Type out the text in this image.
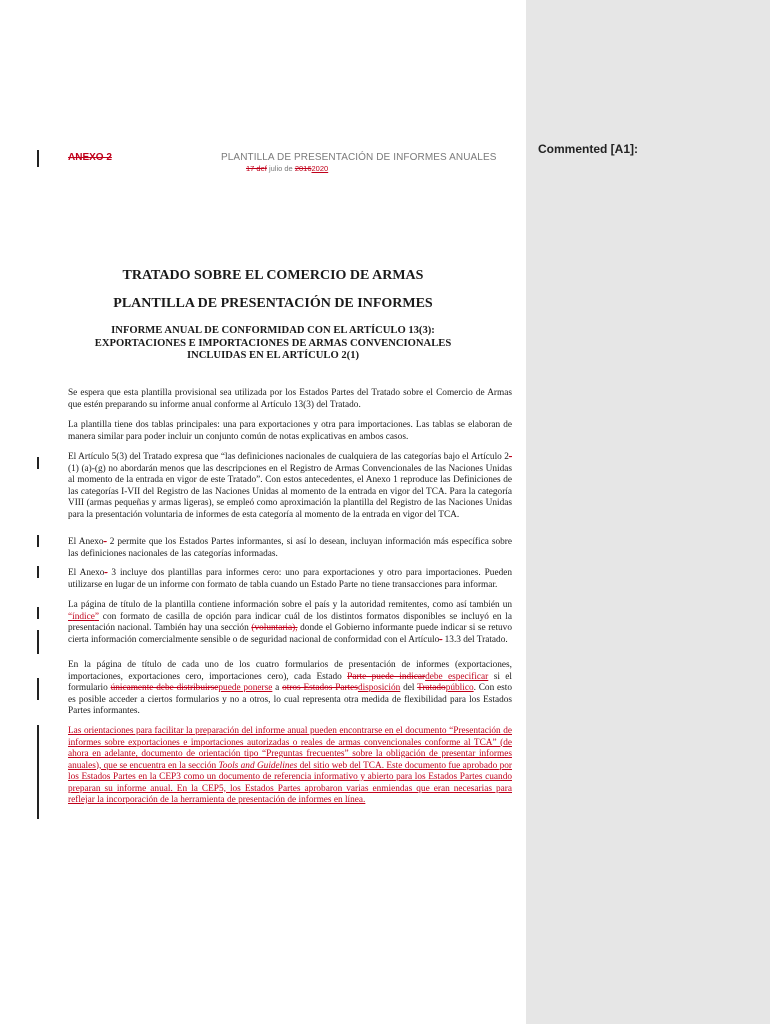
ANEXO 2	PLANTILLA DE PRESENTACIÓN DE INFORMES ANUALES
17 def julio de 20162020
TRATADO SOBRE EL COMERCIO DE ARMAS
PLANTILLA DE PRESENTACIÓN DE INFORMES
INFORME ANUAL DE CONFORMIDAD CON EL ARTÍCULO 13(3):
EXPORTACIONES E IMPORTACIONES DE ARMAS CONVENCIONALES
INCLUIDAS EN EL ARTÍCULO 2(1)

Se espera que esta plantilla provisional sea utilizada por los Estados Partes del Tratado sobre el Comercio de Armas que estén preparando su informe anual conforme al Artículo 13(3) del Tratado.

La plantilla tiene dos tablas principales: una para exportaciones y otra para importaciones. Las tablas se elaboran de manera similar para poder incluir un conjunto común de notas explicativas en ambos casos.

El Artículo 5(3) del Tratado expresa que “las definiciones nacionales de cualquiera de las categorías bajo el Artículo 2-(1) (a)-(g) no abordarán menos que las descripciones en el Registro de Armas Convencionales de las Naciones Unidas al momento de la entrada en vigor de este Tratado”. Con estos antecedentes, el Anexo 1 reproduce las Definiciones de las categorías I-VII del Registro de las Naciones Unidas al momento de la entrada en vigor del TCA. Para la categoría VIII (armas pequeñas y armas ligeras), se empleó como aproximación la plantilla del Registro de las Naciones Unidas para la presentación voluntaria de informes de esta categoría al momento de la entrada en vigor del TCA.

El Anexo- 2 permite que los Estados Partes informantes, si así lo desean, incluyan información más específica sobre las definiciones nacionales de las categorías informadas.

El Anexo- 3 incluye dos plantillas para informes cero: uno para exportaciones y otro para importaciones. Pueden utilizarse en lugar de un informe con formato de tabla cuando un Estado Parte no tiene transacciones para informar.

La página de título de la plantilla contiene información sobre el país y la autoridad remitentes, como así también un “índice” con formato de casilla de opción para indicar cuál de los distintos formatos disponibles se incluyó en la presentación nacional. También hay una sección (voluntaria), donde el Gobierno informante puede indicar si se retuvo cierta información comercialmente sensible o de seguridad nacional de conformidad con el Artículo- 13.3 del Tratado.

En la página de título de cada uno de los cuatro formularios de presentación de informes (exportaciones, importaciones, exportaciones cero, importaciones cero), cada Estado Parte puede indicardebe especificar si el formulario únicamente debe distribuirsepuede ponerse a otros Estados Partesdisposición del Tratadopúblico. Con esto es posible acceder a ciertos formularios y no a otros, lo cual representa otra medida de flexibilidad para los Estados Partes informantes.

Las orientaciones para facilitar la preparación del informe anual pueden encontrarse en el documento “Presentación de informes sobre exportaciones e importaciones autorizadas o reales de armas convencionales conforme al TCA” (de ahora en adelante, documento de orientación tipo “Preguntas frecuentes” sobre la obligación de presentar informes anuales), que se encuentra en la sección Tools and Guidelines del sitio web del TCA. Este documento fue aprobado por los Estados Partes en la CEP3 como un documento de referencia informativo y abierto para los Estados Partes cuando preparan su informe anual. En la CEP5, los Estados Partes aprobaron varias enmiendas que eran necesarias para reflejar la incorporación de la herramienta de presentación de informes en línea.

Commented [A1]:
